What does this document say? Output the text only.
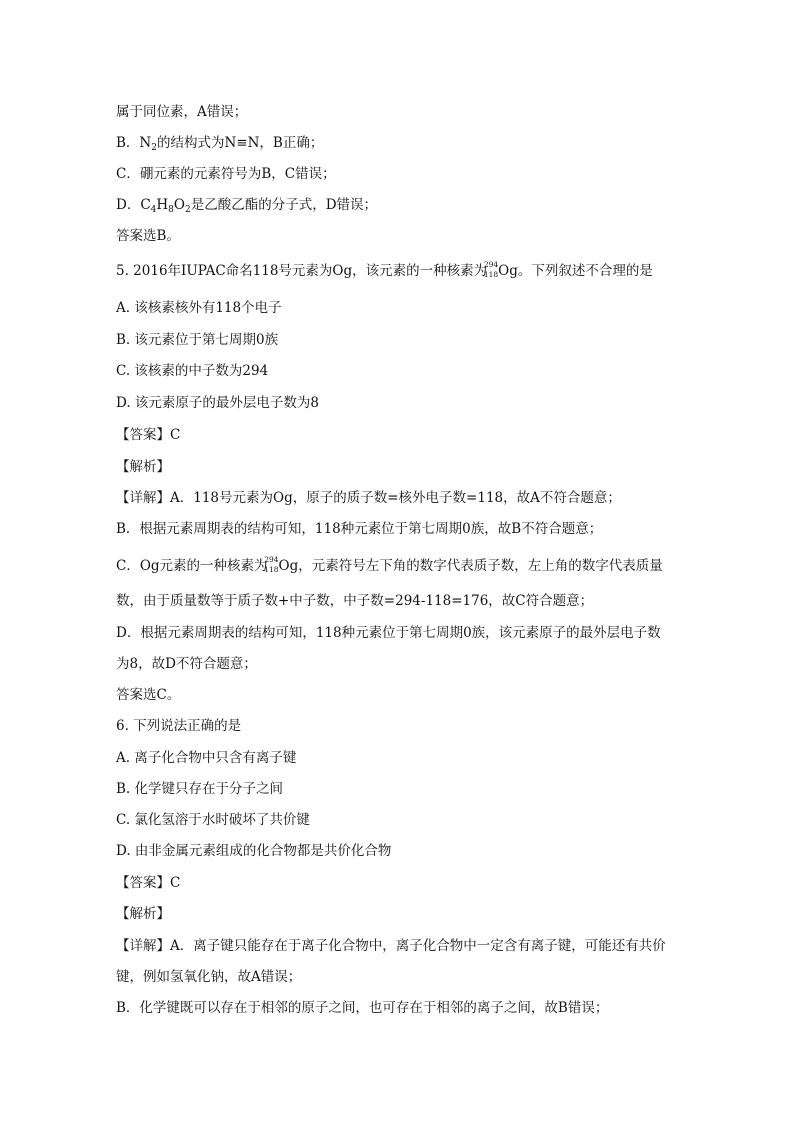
属于同位素，A错误；
B．$N_2$的结构式为N≡N，B正确；
C．硼元素的元素符号为B，C错误；
D．$C_4H_8O_2$是乙酸乙酯的分子式，D错误；
答案选B。
5. 2016年IUPAC命名118号元素为Og，该元素的一种核素为
294
118 Og。下列叙述不合理的是
A. 该核素核外有118个电子
B. 该元素位于第七周期0族
C. 该核素的中子数为294
D. 该元素原子的最外层电子数为8
【答案】C
【解析】
【详解】A．118号元素为Og，原子的质子数=核外电子数=118，故A不符合题意；
B．根据元素周期表的结构可知，118种元素位于第七周期0族，故B不符合题意；
C．Og元素的一种核素为
294
118 Og，元素符号左下角的数字代表质子数，左上角的数字代表质量
数，由于质量数等于质子数+中子数，中子数=294-118=176，故C符合题意；
D．根据元素周期表的结构可知，118种元素位于第七周期0族，该元素原子的最外层电子数
为8，故D不符合题意；
答案选C。
6. 下列说法正确的是
A. 离子化合物中只含有离子键
B. 化学键只存在于分子之间
C. 氯化氢溶于水时破坏了共价键
D. 由非金属元素组成的化合物都是共价化合物
【答案】C
【解析】
【详解】A．离子键只能存在于离子化合物中，离子化合物中一定含有离子键，可能还有共价
键，例如氢氧化钠，故A错误；
B．化学键既可以存在于相邻的原子之间，也可存在于相邻的离子之间，故B错误；
